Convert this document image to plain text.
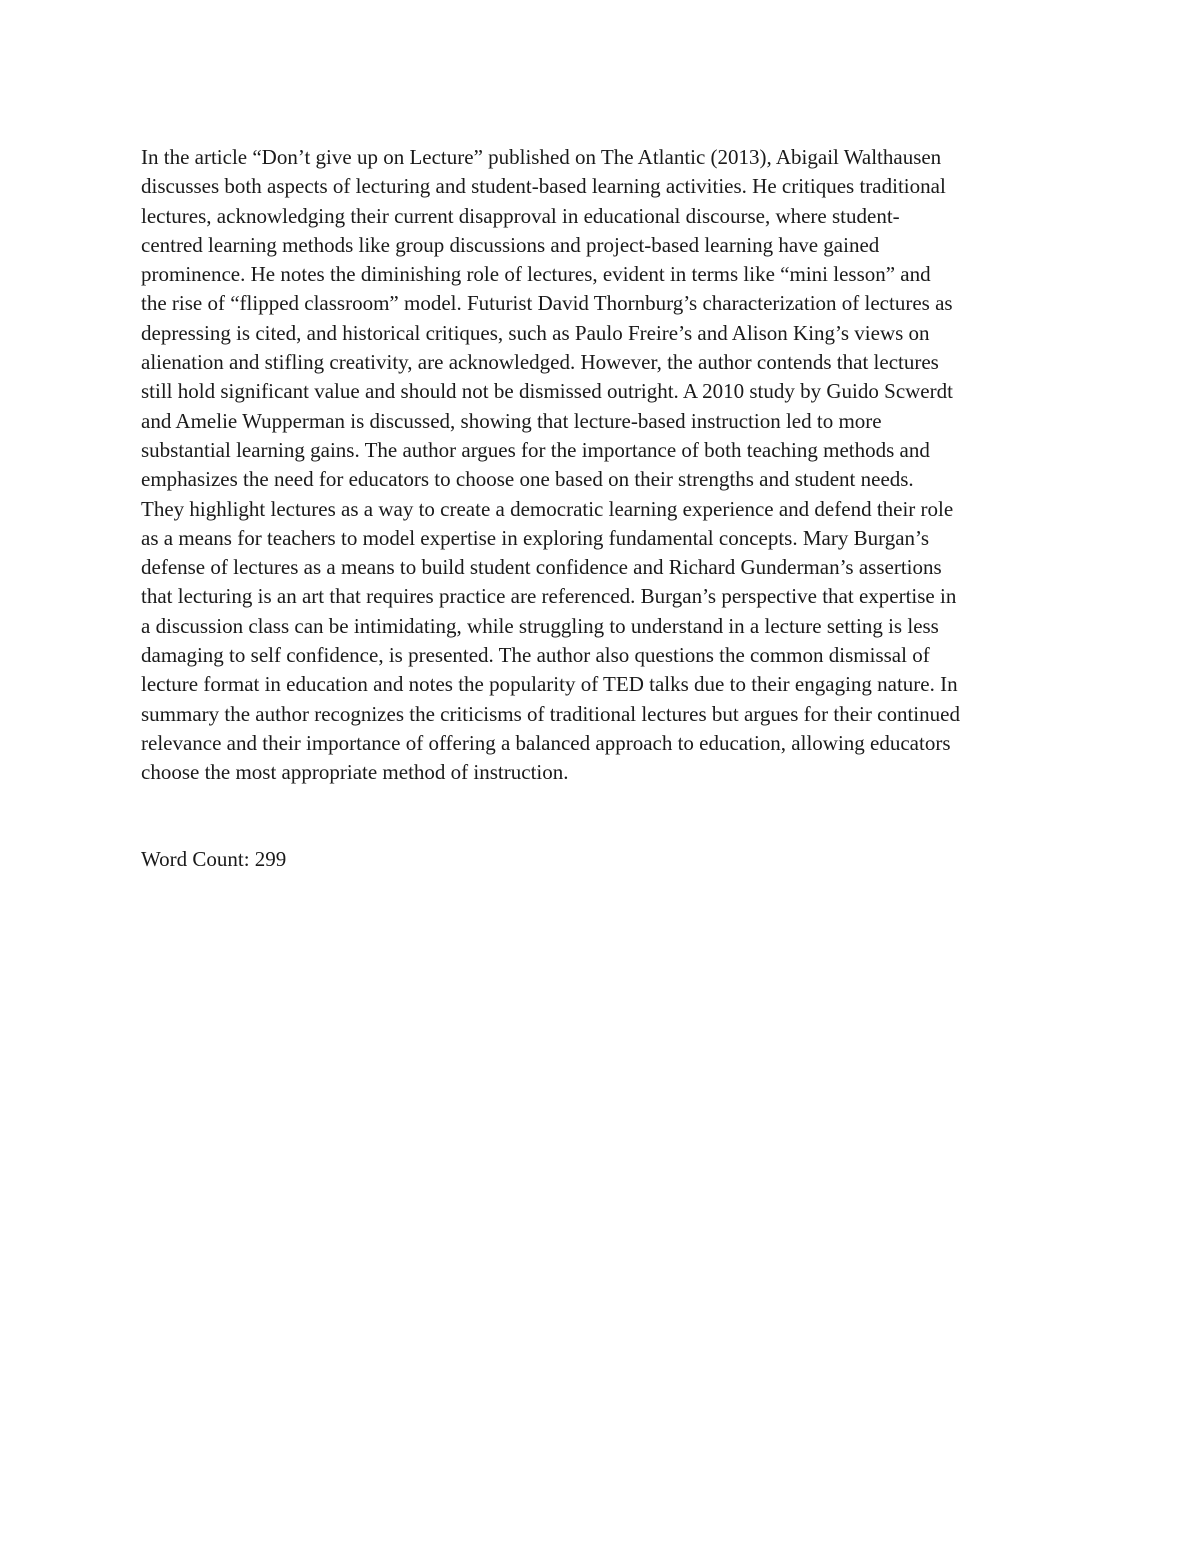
In the article “Don’t give up on Lecture” published on The Atlantic (2013), Abigail Walthausen
discusses both aspects of lecturing and student-based learning activities. He critiques traditional
lectures, acknowledging their current disapproval in educational discourse, where student-
centred learning methods like group discussions and project-based learning have gained
prominence. He notes the diminishing role of lectures, evident in terms like “mini lesson” and
the rise of “flipped classroom” model. Futurist David Thornburg’s characterization of lectures as
depressing is cited, and historical critiques, such as Paulo Freire’s and Alison King’s views on
alienation and stifling creativity, are acknowledged. However, the author contends that lectures
still hold significant value and should not be dismissed outright. A 2010 study by Guido Scwerdt
and Amelie Wupperman is discussed, showing that lecture-based instruction led to more
substantial learning gains. The author argues for the importance of both teaching methods and
emphasizes the need for educators to choose one based on their strengths and student needs.
They highlight lectures as a way to create a democratic learning experience and defend their role
as a means for teachers to model expertise in exploring fundamental concepts. Mary Burgan’s
defense of lectures as a means to build student confidence and Richard Gunderman’s assertions
that lecturing is an art that requires practice are referenced. Burgan’s perspective that expertise in
a discussion class can be intimidating, while struggling to understand in a lecture setting is less
damaging to self confidence, is presented. The author also questions the common dismissal of
lecture format in education and notes the popularity of TED talks due to their engaging nature. In
summary the author recognizes the criticisms of traditional lectures but argues for their continued
relevance and their importance of offering a balanced approach to education, allowing educators
choose the most appropriate method of instruction.
Word Count: 299
